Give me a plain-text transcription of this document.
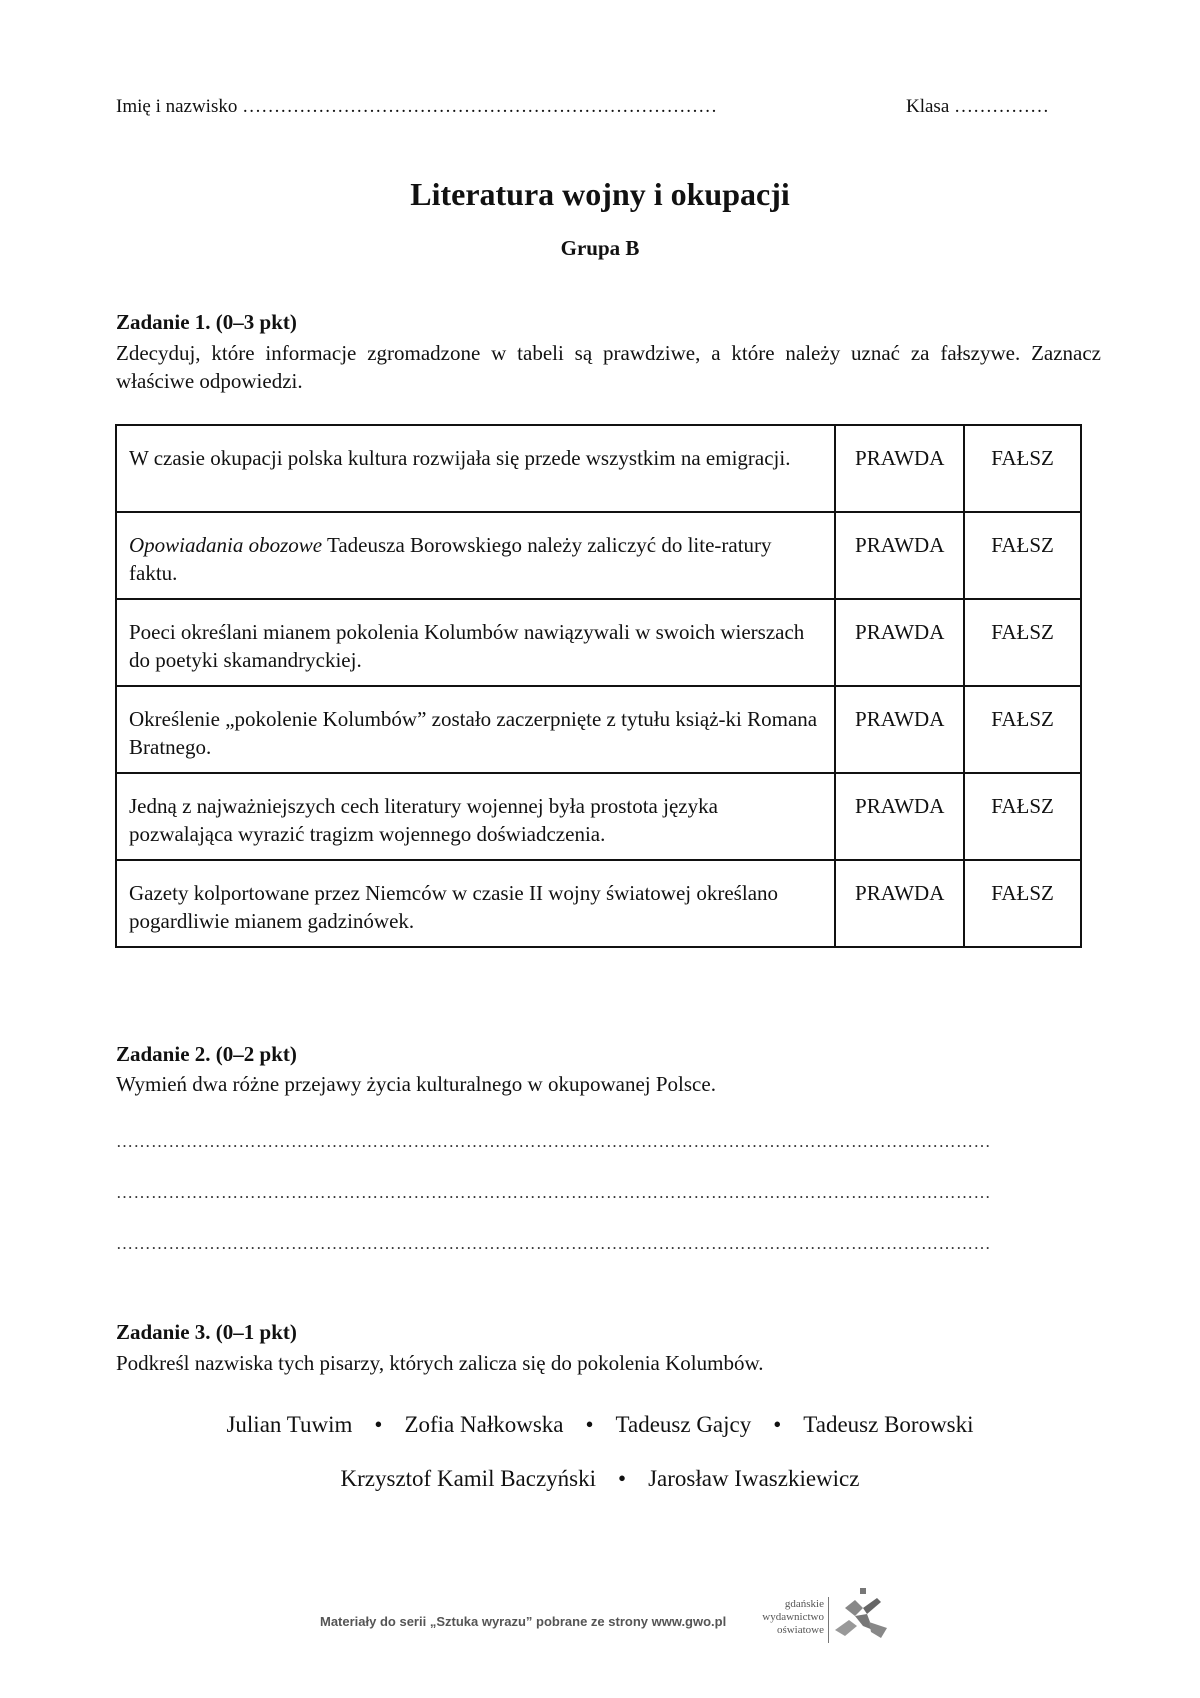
Imię i nazwisko …………………………………………………………………	Klasa ……………
Literatura wojny i okupacji
Grupa B
Zadanie 1. (0–3 pkt)
Zdecyduj, które informacje zgromadzone w tabeli są prawdziwe, a które należy uznać za fałszywe. Zaznacz właściwe odpowiedzi.
W czasie okupacji polska kultura rozwijała się przede wszystkim na emigracji.	PRAWDA	FAŁSZ
Opowiadania obozowe Tadeusza Borowskiego należy zaliczyć do lite-ratury faktu.	PRAWDA	FAŁSZ
Poeci określani mianem pokolenia Kolumbów nawiązywali w swoich wierszach do poetyki skamandryckiej.	PRAWDA	FAŁSZ
Określenie „pokolenie Kolumbów” zostało zaczerpnięte z tytułu książ-ki Romana Bratnego.	PRAWDA	FAŁSZ
Jedną z najważniejszych cech literatury wojennej była prostota języka pozwalająca wyrazić tragizm wojennego doświadczenia.	PRAWDA	FAŁSZ
Gazety kolportowane przez Niemców w czasie II wojny światowej określano pogardliwie mianem gadzinówek.	PRAWDA	FAŁSZ
Zadanie 2. (0–2 pkt)
Wymień dwa różne przejawy życia kulturalnego w okupowanej Polsce.
……………………………………………………………………………………………………………………………………
……………………………………………………………………………………………………………………………………
……………………………………………………………………………………………………………………………………
Zadanie 3. (0–1 pkt)
Podkreśl nazwiska tych pisarzy, których zalicza się do pokolenia Kolumbów.
Julian Tuwim • Zofia Nałkowska • Tadeusz Gajcy • Tadeusz Borowski
Krzysztof Kamil Baczyński • Jarosław Iwaszkiewicz
Materiały do serii „Sztuka wyrazu” pobrane ze strony www.gwo.pl
gdańskie
wydawnictwo
oświatowe
